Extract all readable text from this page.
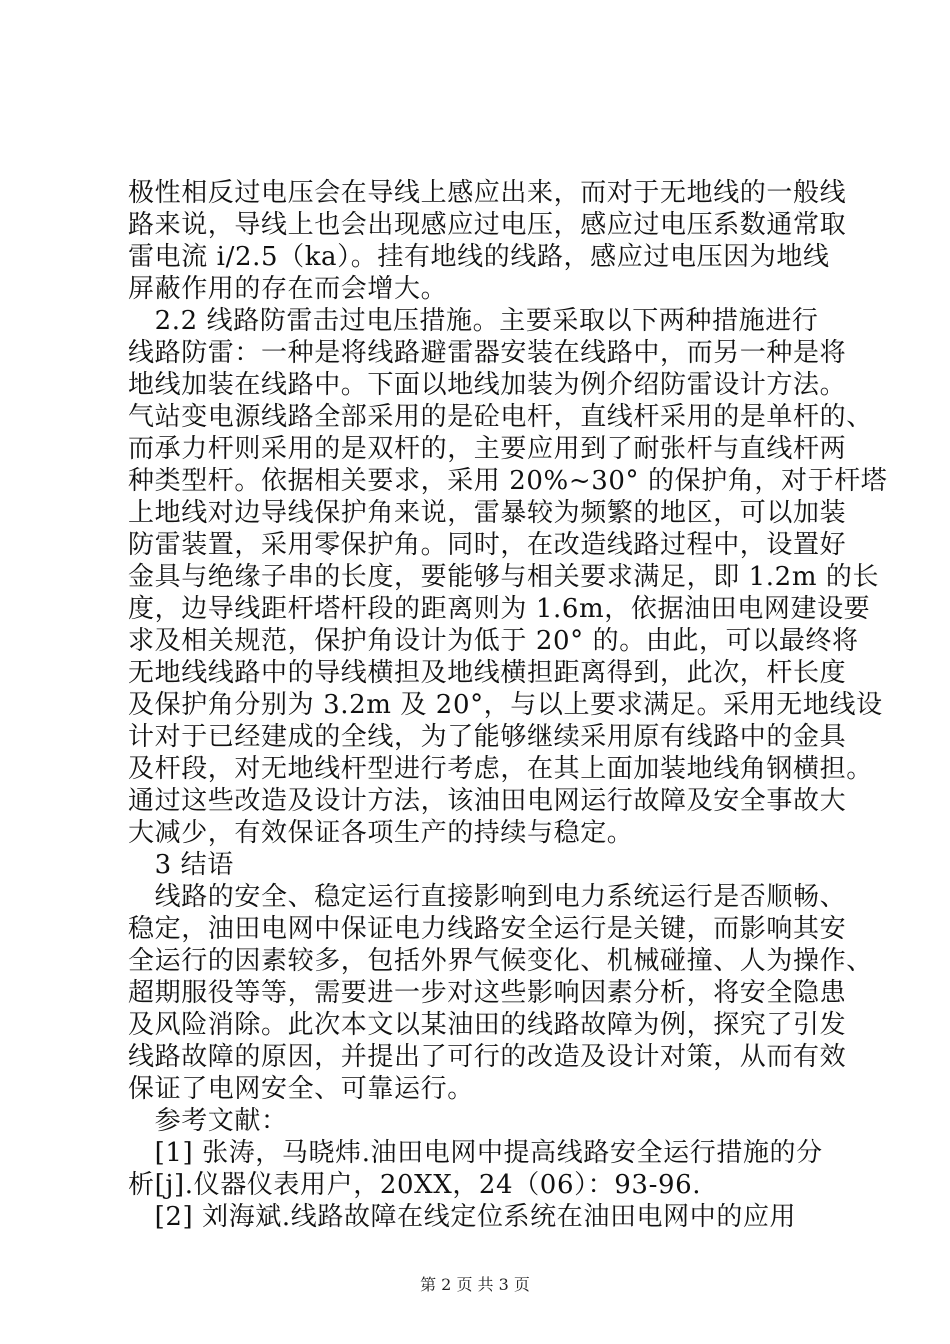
极性相反过电压会在导线上感应出来，而对于无地线的一般线
路来说，导线上也会出现感应过电压，感应过电压系数通常取
雷电流 i/2.5（ka）。挂有地线的线路，感应过电压因为地线
屏蔽作用的存在而会增大。
　2.2 线路防雷击过电压措施。主要采取以下两种措施进行
线路防雷：一种是将线路避雷器安装在线路中，而另一种是将
地线加装在线路中。下面以地线加装为例介绍防雷设计方法。
气站变电源线路全部采用的是砼电杆，直线杆采用的是单杆的、
而承力杆则采用的是双杆的，主要应用到了耐张杆与直线杆两
种类型杆。依据相关要求，采用 20%~30° 的保护角，对于杆塔
上地线对边导线保护角来说，雷暴较为频繁的地区，可以加装
防雷装置，采用零保护角。同时，在改造线路过程中，设置好
金具与绝缘子串的长度，要能够与相关要求满足，即 1.2m 的长
度，边导线距杆塔杆段的距离则为 1.6m，依据油田电网建设要
求及相关规范，保护角设计为低于 20° 的。由此，可以最终将
无地线线路中的导线横担及地线横担距离得到，此次，杆长度
及保护角分别为 3.2m 及 20°，与以上要求满足。采用无地线设
计对于已经建成的全线，为了能够继续采用原有线路中的金具
及杆段，对无地线杆型进行考虑，在其上面加装地线角钢横担。
通过这些改造及设计方法，该油田电网运行故障及安全事故大
大减少，有效保证各项生产的持续与稳定。
　3 结语
　线路的安全、稳定运行直接影响到电力系统运行是否顺畅、
稳定，油田电网中保证电力线路安全运行是关键，而影响其安
全运行的因素较多，包括外界气候变化、机械碰撞、人为操作、
超期服役等等，需要进一步对这些影响因素分析，将安全隐患
及风险消除。此次本文以某油田的线路故障为例，探究了引发
线路故障的原因，并提出了可行的改造及设计对策，从而有效
保证了电网安全、可靠运行。
　参考文献：
　[1] 张涛，马晓炜.油田电网中提高线路安全运行措施的分
析[j].仪器仪表用户，20XX，24（06）：93-96.
　[2] 刘海斌.线路故障在线定位系统在油田电网中的应用
第 2 页 共 3 页
